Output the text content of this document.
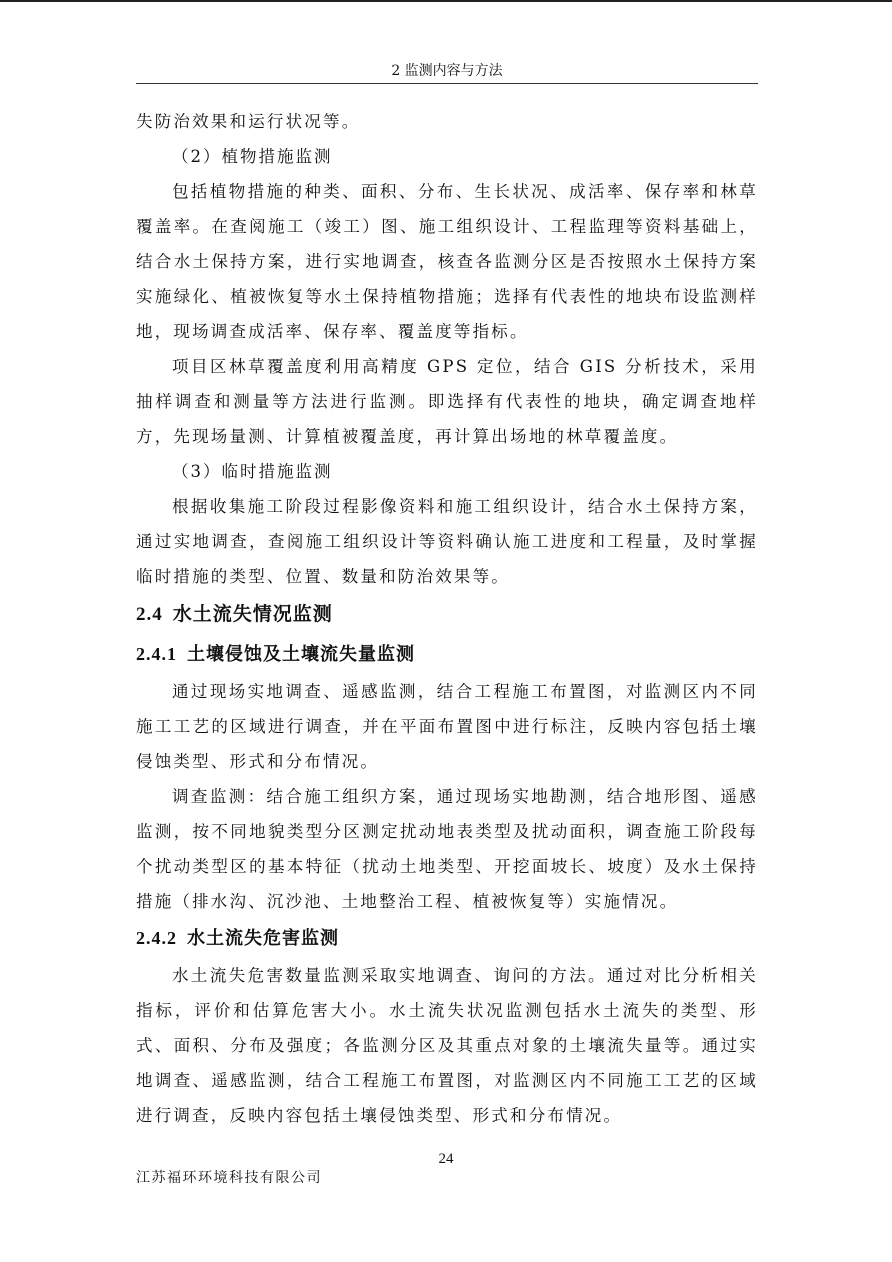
2 监测内容与方法

失防治效果和运行状况等。

（2）植物措施监测

包括植物措施的种类、面积、分布、生长状况、成活率、保存率和林草覆盖率。在查阅施工（竣工）图、施工组织设计、工程监理等资料基础上，结合水土保持方案，进行实地调查，核查各监测分区是否按照水土保持方案实施绿化、植被恢复等水土保持植物措施；选择有代表性的地块布设监测样地，现场调查成活率、保存率、覆盖度等指标。

项目区林草覆盖度利用高精度 GPS 定位，结合 GIS 分析技术，采用抽样调查和测量等方法进行监测。即选择有代表性的地块，确定调查地样方，先现场量测、计算植被覆盖度，再计算出场地的林草覆盖度。

（3）临时措施监测

根据收集施工阶段过程影像资料和施工组织设计，结合水土保持方案，通过实地调查，查阅施工组织设计等资料确认施工进度和工程量，及时掌握临时措施的类型、位置、数量和防治效果等。

2.4 水土流失情况监测
2.4.1 土壤侵蚀及土壤流失量监测

通过现场实地调查、遥感监测，结合工程施工布置图，对监测区内不同施工工艺的区域进行调查，并在平面布置图中进行标注，反映内容包括土壤侵蚀类型、形式和分布情况。

调查监测：结合施工组织方案，通过现场实地勘测，结合地形图、遥感监测，按不同地貌类型分区测定扰动地表类型及扰动面积，调查施工阶段每个扰动类型区的基本特征（扰动土地类型、开挖面坡长、坡度）及水土保持措施（排水沟、沉沙池、土地整治工程、植被恢复等）实施情况。

2.4.2 水土流失危害监测

水土流失危害数量监测采取实地调查、询问的方法。通过对比分析相关指标，评价和估算危害大小。水土流失状况监测包括水土流失的类型、形式、面积、分布及强度；各监测分区及其重点对象的土壤流失量等。通过实地调查、遥感监测，结合工程施工布置图，对监测区内不同施工工艺的区域进行调查，反映内容包括土壤侵蚀类型、形式和分布情况。

24
江苏福环环境科技有限公司
